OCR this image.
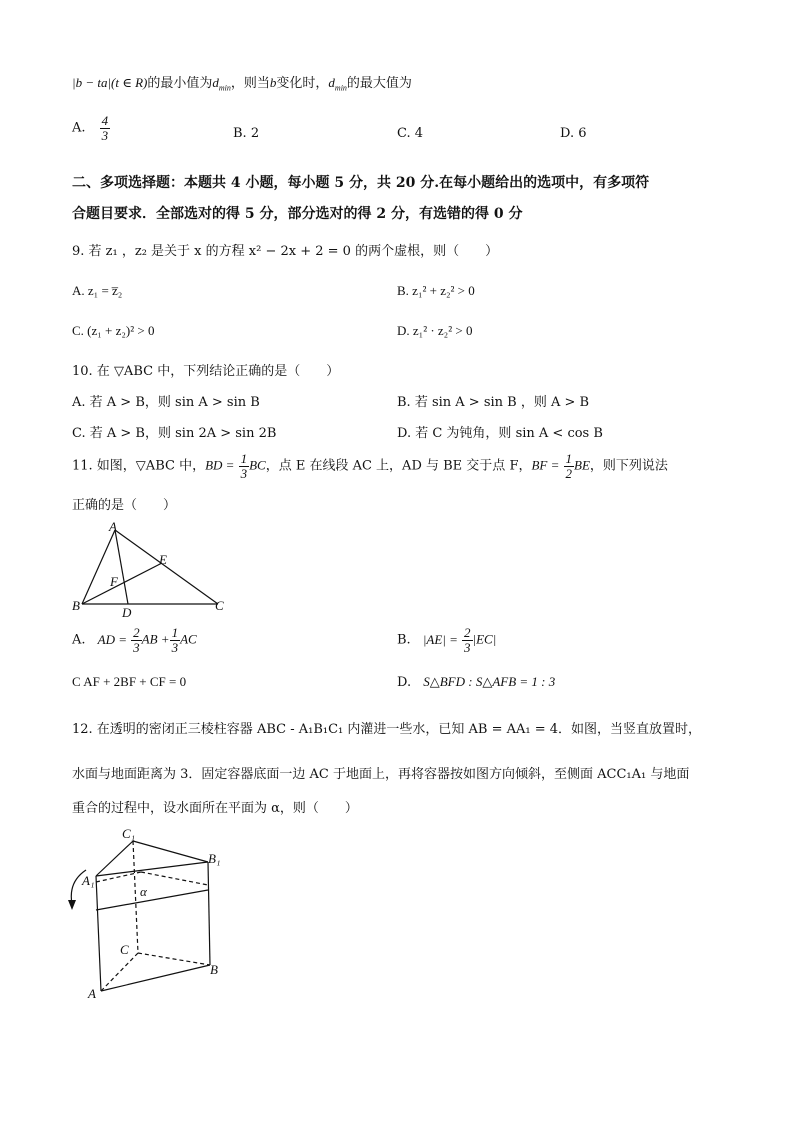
|b − ta|(t ∈ R)的最小值为$d_{min}$，则当b变化时，$d_{min}$的最大值为
A. $\frac{4}{3}$	B. 2	C. 4	D. 6
二、多项选择题：本题共 4 小题，每小题 5 分，共 20 分.在每小题给出的选项中，有多项符
合题目要求．全部选对的得 5 分，部分选对的得 2 分，有选错的得 0 分
9. 若 z₁ ，z₂ 是关于 x 的方程 x² − 2x + 2 = 0 的两个虚根，则（　　）
A. z₁ = z̅₂	B. z₁² + z₂² > 0
C. (z₁ + z₂)² > 0	D. z₁² · z₂² > 0
10. 在 ▽ABC 中，下列结论正确的是（　　）
A. 若 A > B，则 sin A > sin B	B. 若 sin A > sin B ，则 A > B
C. 若 A > B，则 sin 2A > sin 2B	D. 若 C 为钝角，则 sin A < cos B
11. 如图，▽ABC 中，BD = $\frac{1}{3}$ BC，点 E 在线段 AC 上，AD 与 BE 交于点 F，BF = $\frac{1}{2}$ BE，则下列说法
正确的是（　　）
A
E
F
B	D	C
A. AD = $\frac{2}{3}$ AB + $\frac{1}{3}$ AC	B. $|AE| = \frac{2}{3} |EC|$
C AF + 2BF + CF = 0	D. S△BFD : S△AFB = 1 : 3
12. 在透明的密闭正三棱柱容器 ABC - A₁B₁C₁ 内灌进一些水，已知 AB = AA₁ = 4．如图，当竖直放置时，
水面与地面距离为 3．固定容器底面一边 AC 于地面上，再将容器按如图方向倾斜，至侧面 ACC₁A₁ 与地面
重合的过程中，设水面所在平面为 α，则（　　）
C₁
B₁
A₁
α
C
B
A
